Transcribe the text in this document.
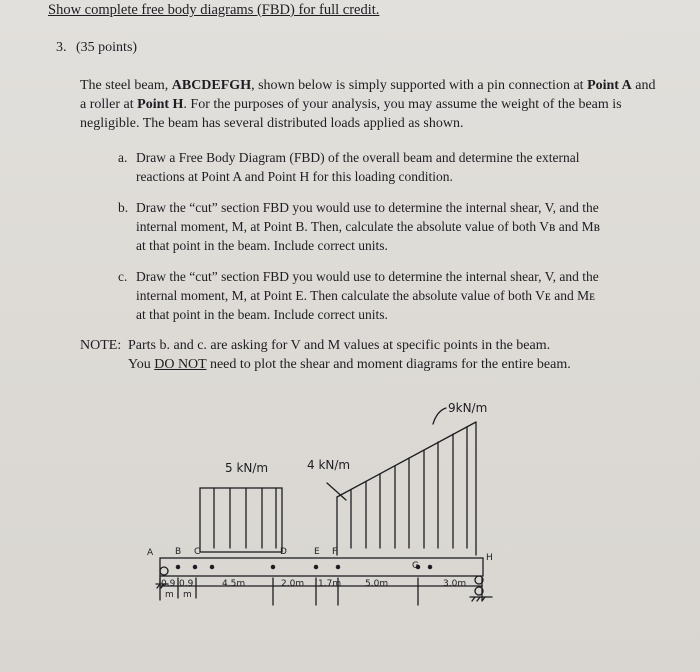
Show complete free body diagrams (FBD) for full credit.
3. (35 points)
The steel beam, ABCDEFGH, shown below is simply supported with a pin connection at Point A and a roller at Point H. For the purposes of your analysis, you may assume the weight of the beam is negligible. The beam has several distributed loads applied as shown.
a. Draw a Free Body Diagram (FBD) of the overall beam and determine the external reactions at Point A and Point H for this loading condition.
b. Draw the “cut” section FBD you would use to determine the internal shear, V, and the internal moment, M, at Point B. Then, calculate the absolute value of both Vʙ and Mʙ at that point in the beam. Include correct units.
c. Draw the “cut” section FBD you would use to determine the internal shear, V, and the internal moment, M, at Point E. Then calculate the absolute value of both Vᴇ and Mᴇ at that point in the beam. Include correct units.
NOTE: Parts b. and c. are asking for V and M values at specific points in the beam.
You DO NOT need to plot the shear and moment diagrams for the entire beam.
5 kN/m	4 kN/m
9kN/m
A B C	D	E F
G
H
0.9 0.9
m m
4.5m	2.0m 1.7m	5.0m	3.0m
